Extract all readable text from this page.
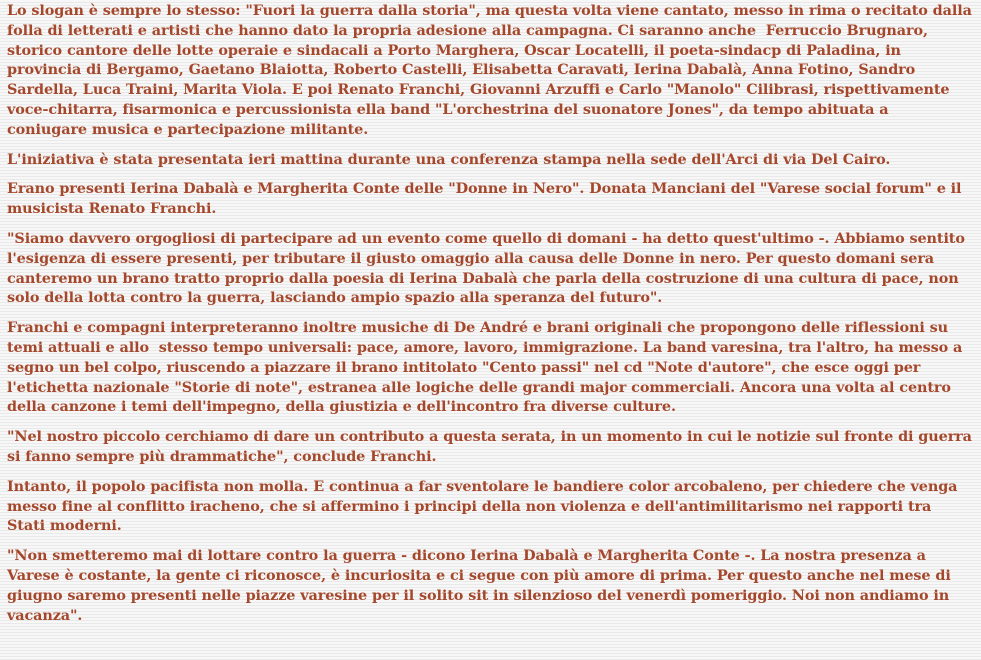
Lo slogan è sempre lo stesso: "Fuori la guerra dalla storia", ma questa volta viene cantato, messo in rima o recitato dalla folla di letterati e artisti che hanno dato la propria adesione alla campagna. Ci saranno anche  Ferruccio Brugnaro, storico cantore delle lotte operaie e sindacali a Porto Marghera, Oscar Locatelli, il poeta-sindacp di Paladina, in provincia di Bergamo, Gaetano Blaiotta, Roberto Castelli, Elisabetta Caravati, Ierina Dabalà, Anna Fotino, Sandro Sardella, Luca Traini, Marita Viola. E poi Renato Franchi, Giovanni Arzuffi e Carlo "Manolo" Cilibrasi, rispettivamente voce-chitarra, fisarmonica e percussionista ella band "L'orchestrina del suonatore Jones", da tempo abituata a coniugare musica e partecipazione militante.

L'iniziativa è stata presentata ieri mattina durante una conferenza stampa nella sede dell'Arci di via Del Cairo.

Erano presenti Ierina Dabalà e Margherita Conte delle "Donne in Nero". Donata Manciani del "Varese social forum" e il musicista Renato Franchi.

"Siamo davvero orgogliosi di partecipare ad un evento come quello di domani - ha detto quest'ultimo -. Abbiamo sentito l'esigenza di essere presenti, per tributare il giusto omaggio alla causa delle Donne in nero. Per questo domani sera canteremo un brano tratto proprio dalla poesia di Ierina Dabalà che parla della costruzione di una cultura di pace, non solo della lotta contro la guerra, lasciando ampio spazio alla speranza del futuro".

Franchi e compagni interpreteranno inoltre musiche di De André e brani originali che propongono delle riflessioni su temi attuali e allo  stesso tempo universali: pace, amore, lavoro, immigrazione. La band varesina, tra l'altro, ha messo a segno un bel colpo, riuscendo a piazzare il brano intitolato "Cento passi" nel cd "Note d'autore", che esce oggi per l'etichetta nazionale "Storie di note", estranea alle logiche delle grandi major commerciali. Ancora una volta al centro della canzone i temi dell'impegno, della giustizia e dell'incontro fra diverse culture.

"Nel nostro piccolo cerchiamo di dare un contributo a questa serata, in un momento in cui le notizie sul fronte di guerra si fanno sempre più drammatiche", conclude Franchi.

Intanto, il popolo pacifista non molla. E continua a far sventolare le bandiere color arcobaleno, per chiedere che venga messo fine al conflitto iracheno, che si affermino i principi della non violenza e dell'antimilitarismo nei rapporti tra Stati moderni.

"Non smetteremo mai di lottare contro la guerra - dicono Ierina Dabalà e Margherita Conte -. La nostra presenza a Varese è costante, la gente ci riconosce, è incuriosita e ci segue con più amore di prima. Per questo anche nel mese di giugno saremo presenti nelle piazze varesine per il solito sit in silenzioso del venerdì pomeriggio. Noi non andiamo in vacanza".
